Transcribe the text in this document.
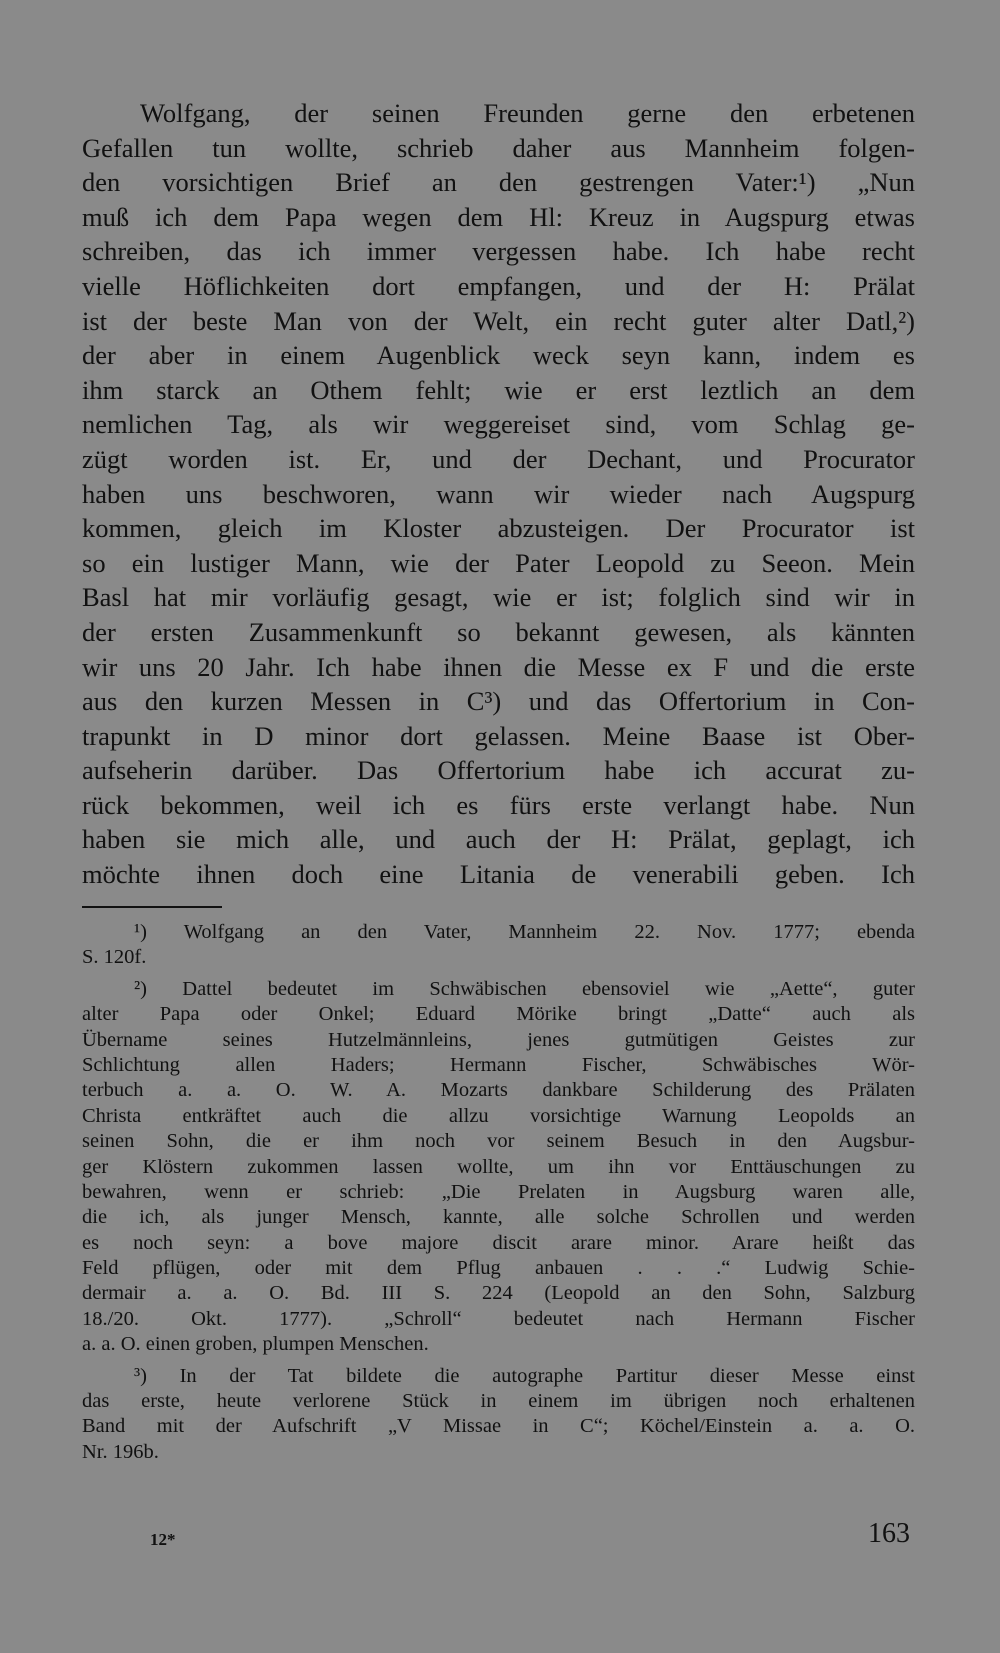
Wolfgang, der seinen Freunden gerne den erbetenen
Gefallen tun wollte, schrieb daher aus Mannheim folgen-
den vorsichtigen Brief an den gestrengen Vater:¹) „Nun
muß ich dem Papa wegen dem Hl: Kreuz in Augspurg etwas
schreiben, das ich immer vergessen habe. Ich habe recht
vielle Höflichkeiten dort empfangen, und der H: Prälat
ist der beste Man von der Welt, ein recht guter alter Datl,²)
der aber in einem Augenblick weck seyn kann, indem es
ihm starck an Othem fehlt; wie er erst leztlich an dem
nemlichen Tag, als wir weggereiset sind, vom Schlag ge-
zügt worden ist. Er, und der Dechant, und Procurator
haben uns beschworen, wann wir wieder nach Augspurg
kommen, gleich im Kloster abzusteigen. Der Procurator ist
so ein lustiger Mann, wie der Pater Leopold zu Seeon. Mein
Basl hat mir vorläufig gesagt, wie er ist; folglich sind wir in
der ersten Zusammenkunft so bekannt gewesen, als kännten
wir uns 20 Jahr. Ich habe ihnen die Messe ex F und die erste
aus den kurzen Messen in C³) und das Offertorium in Con-
trapunkt in D minor dort gelassen. Meine Baase ist Ober-
aufseherin darüber. Das Offertorium habe ich accurat zu-
rück bekommen, weil ich es fürs erste verlangt habe. Nun
haben sie mich alle, und auch der H: Prälat, geplagt, ich
möchte ihnen doch eine Litania de venerabili geben. Ich
¹) Wolfgang an den Vater, Mannheim 22. Nov. 1777; ebenda
S. 120f.
²) Dattel bedeutet im Schwäbischen ebensoviel wie „Aette“, guter
alter Papa oder Onkel; Eduard Mörike bringt „Datte“ auch als
Übername seines Hutzelmännleins, jenes gutmütigen Geistes zur
Schlichtung allen Haders; Hermann Fischer, Schwäbisches Wör-
terbuch a. a. O. W. A. Mozarts dankbare Schilderung des Prälaten
Christa entkräftet auch die allzu vorsichtige Warnung Leopolds an
seinen Sohn, die er ihm noch vor seinem Besuch in den Augsbur-
ger Klöstern zukommen lassen wollte, um ihn vor Enttäuschungen zu
bewahren, wenn er schrieb: „Die Prelaten in Augsburg waren alle,
die ich, als junger Mensch, kannte, alle solche Schrollen und werden
es noch seyn: a bove majore discit arare minor. Arare heißt das
Feld pflügen, oder mit dem Pflug anbauen . . .“ Ludwig Schie-
dermair a. a. O. Bd. III S. 224 (Leopold an den Sohn, Salzburg
18./20. Okt. 1777). „Schroll“ bedeutet nach Hermann Fischer
a. a. O. einen groben, plumpen Menschen.
³) In der Tat bildete die autographe Partitur dieser Messe einst
das erste, heute verlorene Stück in einem im übrigen noch erhaltenen
Band mit der Aufschrift „V Missae in C“; Köchel/Einstein a. a. O.
Nr. 196b.
12*	163
